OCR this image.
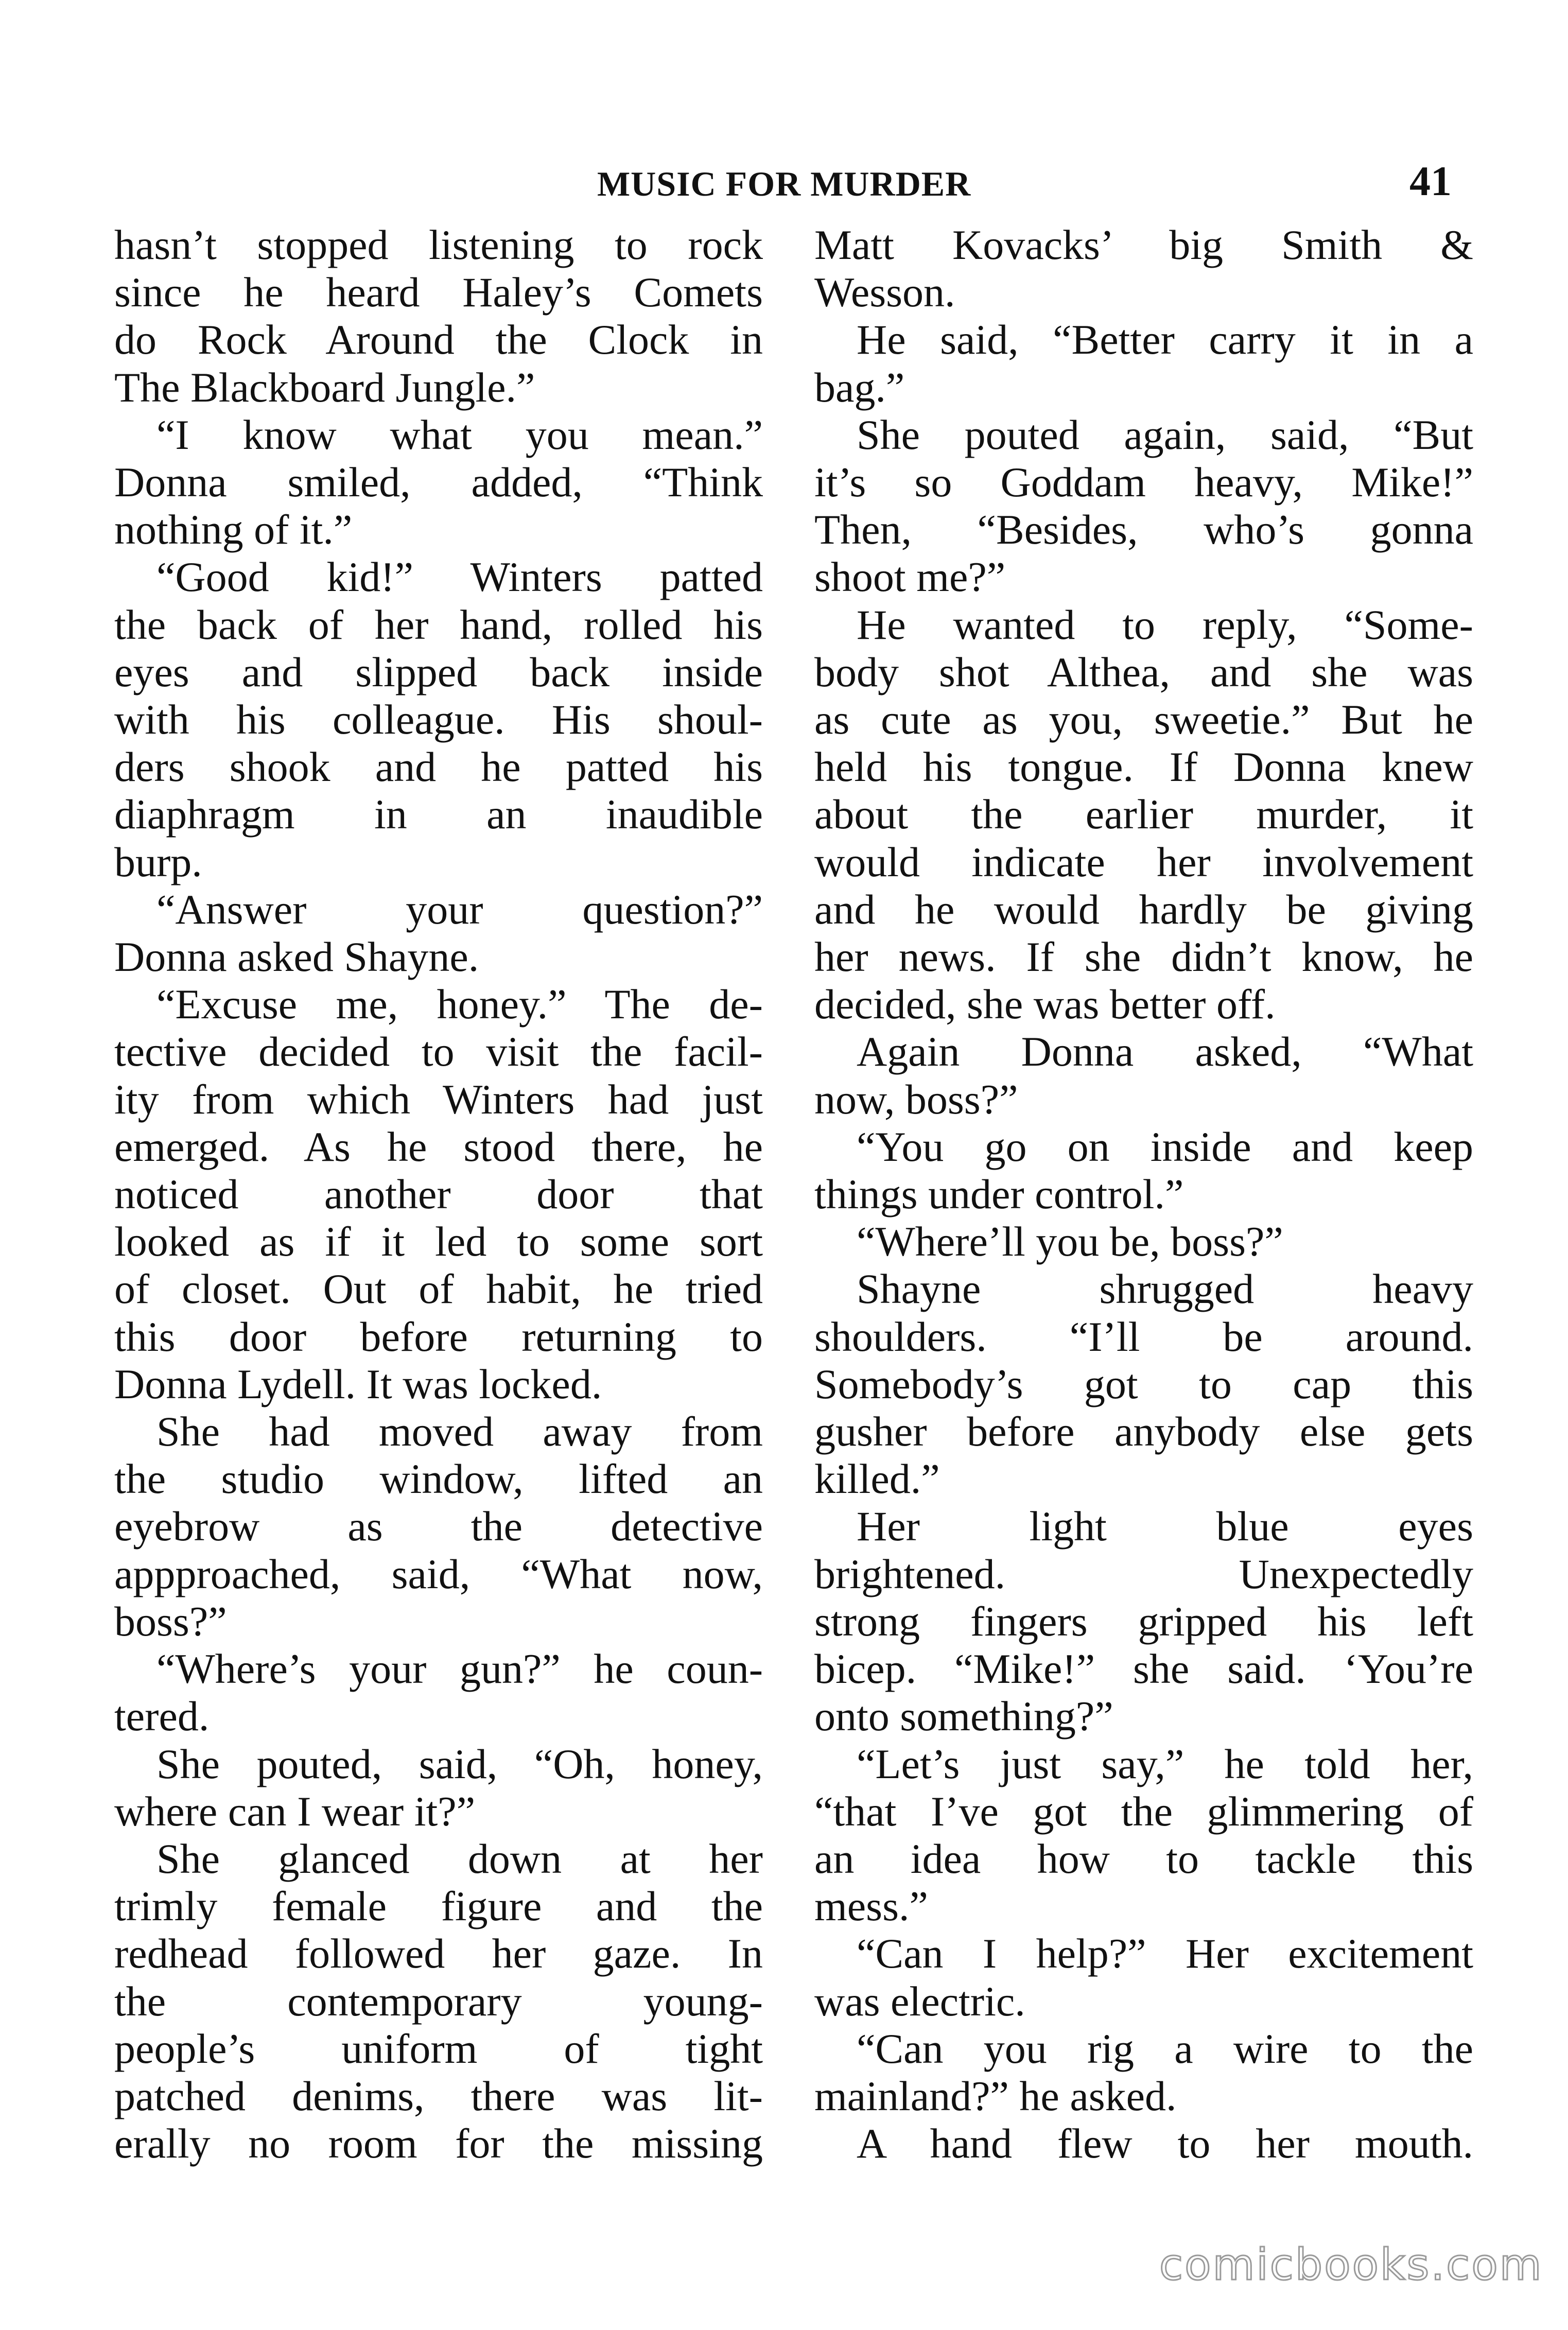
MUSIC FOR MURDER	41
hasn’t stopped listening to rock
since he heard Haley’s Comets
do Rock Around the Clock in
The Blackboard Jungle.”
“I know what you mean.”
Donna smiled, added, “Think
nothing of it.”
“Good kid!” Winters patted
the back of her hand, rolled his
eyes and slipped back inside
with his colleague. His shoul-
ders shook and he patted his
diaphragm in an inaudible
burp.
“Answer your question?”
Donna asked Shayne.
“Excuse me, honey.” The de-
tective decided to visit the facil-
ity from which Winters had just
emerged. As he stood there, he
noticed another door that
looked as if it led to some sort
of closet. Out of habit, he tried
this door before returning to
Donna Lydell. It was locked.
She had moved away from
the studio window, lifted an
eyebrow as the detective
appproached, said, “What now,
boss?”
“Where’s your gun?” he coun-
tered.
She pouted, said, “Oh, honey,
where can I wear it?”
She glanced down at her
trimly female figure and the
redhead followed her gaze. In
the contemporary young-
people’s uniform of tight
patched denims, there was lit-
erally no room for the missing
Matt Kovacks’ big Smith &
Wesson.
He said, “Better carry it in a
bag.”
She pouted again, said, “But
it’s so Goddam heavy, Mike!”
Then, “Besides, who’s gonna
shoot me?”
He wanted to reply, “Some-
body shot Althea, and she was
as cute as you, sweetie.” But he
held his tongue. If Donna knew
about the earlier murder, it
would indicate her involvement
and he would hardly be giving
her news. If she didn’t know, he
decided, she was better off.
Again Donna asked, “What
now, boss?”
“You go on inside and keep
things under control.”
“Where’ll you be, boss?”
Shayne shrugged heavy
shoulders. “I’ll be around.
Somebody’s got to cap this
gusher before anybody else gets
killed.”
Her light blue eyes
brightened. Unexpectedly
strong fingers gripped his left
bicep. “Mike!” she said. ‘You’re
onto something?”
“Let’s just say,” he told her,
“that I’ve got the glimmering of
an idea how to tackle this
mess.”
“Can I help?” Her excitement
was electric.
“Can you rig a wire to the
mainland?” he asked.
A hand flew to her mouth.
comicbooks.com
